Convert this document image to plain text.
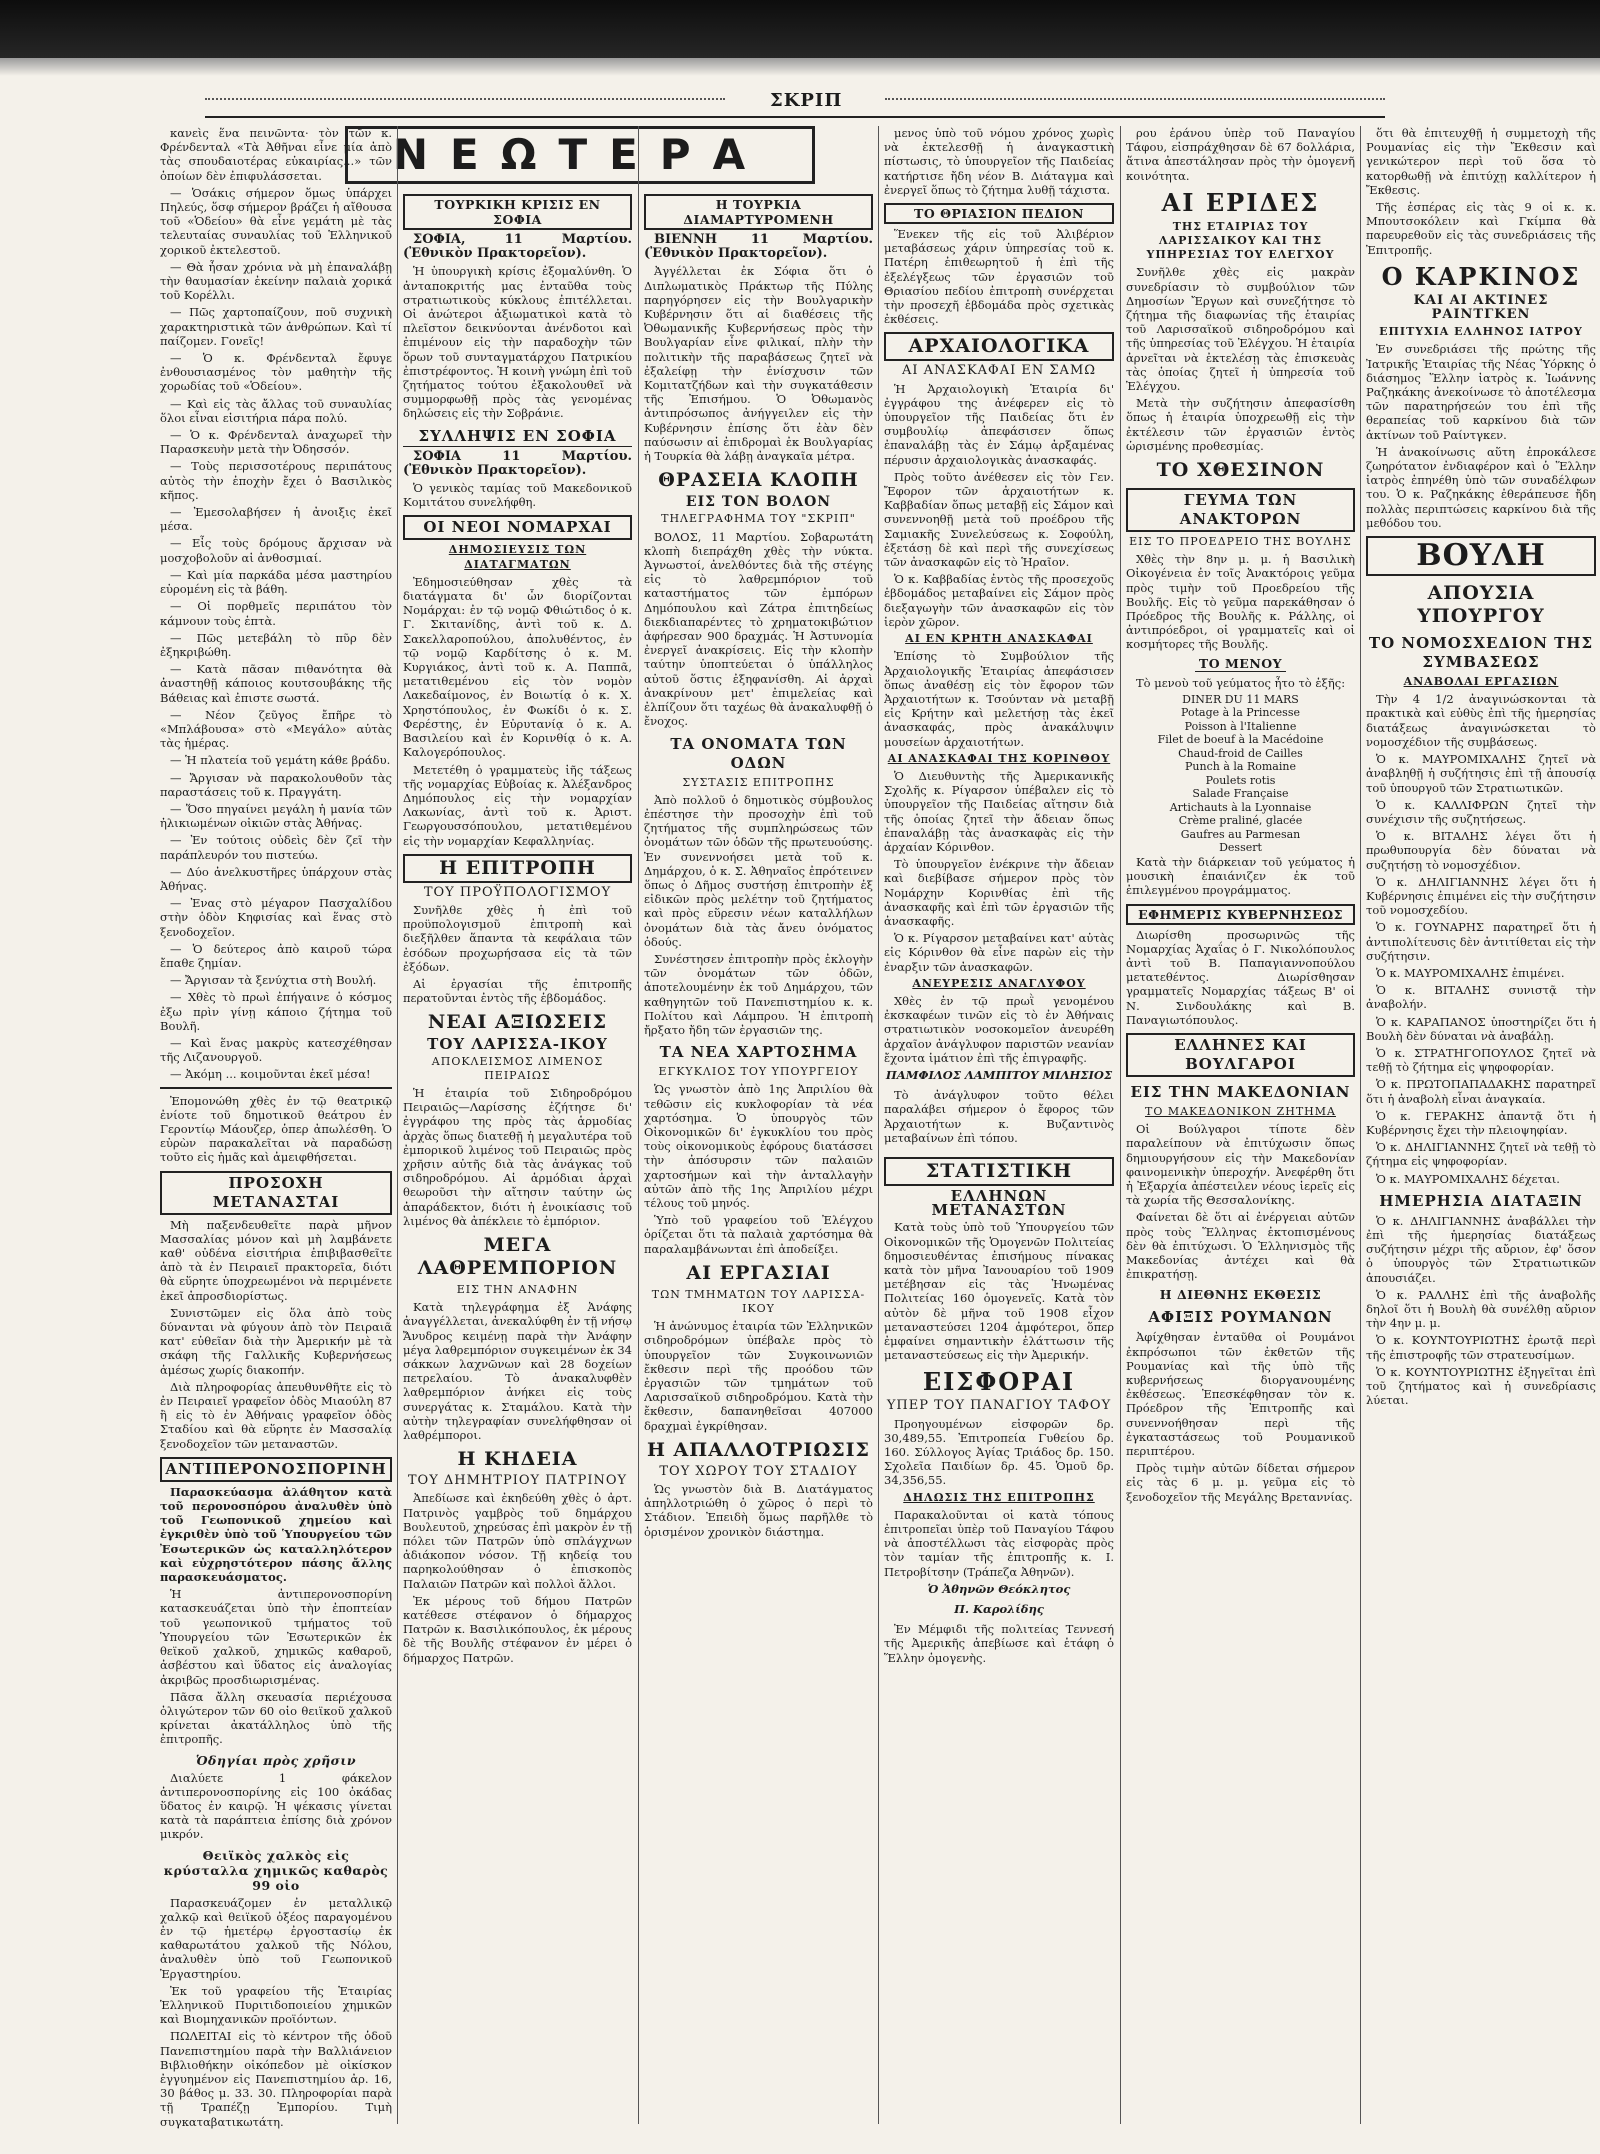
ΣΚΡΙΠ
ΝΕΩΤΕΡΑ

κανεὶς ἕνα πεινῶντα· τὸν τῶν κ. Φρένδενταλ «Τὰ Ἀθῆναι εἶνε μία ἀπὸ τὰς σπουδαιοτέρας εὐκαιρίας...» τῶν ὁποίων δὲν ἐπιφυλάσσεται.

— Ὁσάκις σήμερον ὅμως ὑπάρχει Πηλεύς, ὅσφ σήμερον βράζει ἡ αἴθουσα τοῦ «Ὁδείου» θὰ εἶνε γεμάτη μὲ τὰς τελευταίας συναυλίας τοῦ Ἑλληνικοῦ χορικοῦ ἐκτελεστοῦ.

— Θὰ ἦσαν χρόνια νὰ μὴ ἐπαναλάβῃ τὴν θαυμασίαν ἐκείνην παλαιὰ χορικά τοῦ Κορέλλι.

— Πῶς χαρτοπαίζουν, ποῦ συχνικὴ χαρακτηριστικὰ τῶν ἀνθρώπων. Καὶ τί παίζομεν. Γονεῖς!

— Ὁ κ. Φρένδενταλ ἔφυγε ἐνθουσιασμένος τὸν μαθητὴν τῆς χορωδίας τοῦ «Ὁδείου».

— Καὶ εἰς τὰς ἄλλας τοῦ συναυλίας ὅλοι εἶναι εἰσιτήρια πάρα πολύ.

— Ὁ κ. Φρένδενταλ ἀναχωρεῖ τὴν Παρασκευὴν μετὰ τὴν Ὀδησσόν.

— Τοὺς περισσοτέρους περιπάτους αὐτὸς τὴν ἐποχὴν ἔχει ὁ Βασιλικὸς κῆπος.

— Ἐμεσολαβήσεν ἡ ἀνοιξις ἐκεῖ μέσα.

— Εἶς τοὺς δρόμους ἄρχισαν νὰ μοσχοβολοῦν αἱ ἀνθοσμιαί.

— Καὶ μία παρκάδα μέσα μαστηρίου εὑρομένη εἰς τὰ βάθη.

— Οἱ πορθμεῖς περιπάτου τὸν κάμνουν τοὺς ἑπτὰ.

— Πῶς μετεβάλη τὸ πῦρ δὲν ἐξηκριβώθη.

— Κατὰ πᾶσαν πιθανότητα θὰ ἀναστηθῇ κάποιος κουτσουβάκης τῆς Βάθειας καὶ ἐπιστε σωστά.

— Νέον ζεῦγος ἔπῆρε τὸ «Μπλάβουσα» στὸ «Μεγάλο» αὐτὰς τὰς ἡμέρας.

— Ἡ πλατεία τοῦ γεμάτη κάθε βράδυ.

— Ἄργισαν νὰ παρακολουθοῦν τὰς παραστάσεις τοῦ κ. Πραγγάτη.

— Ὅσο πηγαίνει μεγάλη ἡ μανία τῶν ἠλικιωμένων οἰκιῶν στὰς Ἀθήνας.

— Ἐν τούτοις οὐδεὶς δὲν ζεῖ τὴν παράπλευρόν του πιστεύω.

— Δύο ἀνελκυστῆρες ὑπάρχουν στὰς Ἀθήνας.

— Ἐνας στὸ μέγαρον Πασχαλίδου στὴν ὁδὸν Κηφισίας καὶ ἕνας στὸ ξενοδοχεῖον.

— Ὁ δεύτερος ἀπὸ καιροῦ τώρα ἔπαθε ζημίαν.

— Ἄργισαν τὰ ξενύχτια στὴ Βουλή.

— Χθὲς τὸ πρωὶ ἐπήγαινε ὁ κόσμος ἐξω πρὶν γίνῃ κάποιο ζήτημα τοῦ Βουλῆ.

— Καὶ ἕνας μακρὺς κατεσχέθησαν τῆς Λιζανουργοῦ.

— Ἀκόμη ... κοιμοῦνται ἐκεῖ μέσα!

Ἐπομονώθη χθὲς ἐν τῷ θεατρικῷ ἐνίοτε τοῦ δημοτικοῦ θεάτρου ἐν Γεροντίῳ Μάουζερ, ὁπερ ἀπωλέσθη. Ὁ εὑρὼν παρακαλεῖται νὰ παραδώσῃ τοῦτο εἰς ἡμᾶς καὶ ἀμειφθήσεται.

ΠΡΟΣΟΧΗ ΜΕΤΑΝΑΣΤΑΙ

Μὴ παξενδευθεῖτε παρὰ μῆνον Μασσαλίας μόνον καὶ μὴ λαμβάνετε καθ' οὐδένα εἰσιτήρια ἐπιβιβασθεῖτε ἀπὸ τὰ ἐν Πειραιεῖ πρακτορεῖα, διότι θὰ εὕρητε ὑποχρεωμένοι νὰ περιμένετε ἐκεῖ ἀπροσδιορίστως.

Συνιστῶμεν εἰς ὅλα ἀπὸ τοὺς δύνανται νὰ φύγουν ἀπὸ τὸν Πειραιᾶ κατ' εὐθεῖαν διὰ τὴν Ἀμερικήν μὲ τὰ σκάφη τῆς Γαλλικῆς Κυβερνήσεως ἀμέσως χωρίς διακοπήν.

Διὰ πληροφορίας ἀπευθυνθῆτε εἰς τὸ ἐν Πειραιεῖ γραφεῖον ὁδὸς Μιαούλη 87 ἢ εἰς τὸ ἐν Ἀθήναις γραφεῖον ὁδὸς Σταδίου καὶ θὰ εὕρητε ἐν Μασσαλίᾳ ξενοδοχεῖον τῶν μεταναστῶν.

ΑΝΤΙΠΕΡΟΝΟΣΠΟΡΙΝΗ

Παρασκεύασμα ἀλάθητον κατὰ τοῦ περονοσπόρου ἀναλυθὲν ὑπὸ τοῦ Γεωπονικοῦ χημείου καὶ ἐγκριθὲν ὑπὸ τοῦ Ὑπουργείου τῶν Ἐσωτερικῶν ὡς καταλληλότερον καὶ εὐχρηστότερον πάσης ἄλλης παρασκευάσματος.

Ἡ ἀντιπερονοσπορίνη κατασκευάζεται ὑπὸ τὴν ἐποπτείαν τοῦ γεωπονικοῦ τμήματος τοῦ Ὑπουργείου τῶν Ἐσωτερικῶν ἐκ θεϊκοῦ χαλκοῦ, χημικῶς καθαροῦ, ἀσβέστου καὶ ὕδατος εἰς ἀναλογίας ἀκριβῶς προσδιωρισμένας.

Πᾶσα ἄλλη σκευασία περιέχουσα ὀλιγώτερον τῶν 60 οἰο θειϊκοῦ χαλκοῦ κρίνεται ἀκατάλληλος ὑπὸ τῆς ἐπιτροπῆς.

Ὁδηγίαι πρὸς χρῆσιν

Διαλύετε 1 φάκελον ἀντιπερονοσπορίνης εἰς 100 ὀκάδας ὕδατος ἐν καιρῷ. Ἡ ψέκασις γίνεται κατὰ τὰ παράπτεια ἐπίσης διὰ χρόνον μικρόν.

Θειϊκὸς χαλκὸς εἰς κρύσταλλα χημικῶς καθαρὸς 99 οἰο

Παρασκευάζομεν ἐν μεταλλικῷ χαλκῷ καὶ θειϊκοῦ ὀξέος παραγομένου ἐν τῷ ἡμετέρῳ ἐργοστασίῳ ἐκ καθαρωτάτου χαλκοῦ τῆς Νόλου, ἀναλυθὲν ὑπὸ τοῦ Γεωπονικοῦ Ἐργαστηρίου.

Ἐκ τοῦ γραφείου τῆς Ἑταιρίας Ἑλληνικοῦ Πυριτιδοποιείου χημικῶν καὶ Βιομηχανικῶν προϊόντων.

ΠΩΛΕΙΤΑΙ εἰς τὸ κέντρον τῆς ὁδοῦ Πανεπιστημίου παρὰ τὴν Βαλλιάνειον Βιβλιοθήκην οἰκόπεδον μὲ οἰκίσκον ἐγγυημένον εἰς Πανεπιστημίου ἀρ. 16, 30 βάθος μ. 33. 30. Πληροφορίαι παρὰ τῇ Τραπέζῃ Ἐμπορίου. Τιμὴ συγκαταβατικωτάτη.

ΤΟΥΡΚΙΚΗ ΚΡΙΣΙΣ ΕΝ ΣΟΦΙΑ

ΣΟΦΙΑ, 11 Μαρτίου. (Ἐθνικὸν Πρακτορεῖον).

Ἡ ὑπουργικὴ κρίσις ἐξομαλύνθη. Ὁ ἀνταποκριτής μας ἐνταῦθα τοὺς στρατιωτικοὺς κύκλους ἐπιτέλλεται. Οἱ ἀνώτεροι ἀξιωματικοὶ κατὰ τὸ πλεῖστον δεικνύονται ἀνένδοτοι καὶ ἐπιμένουν εἰς τὴν παραδοχὴν τῶν ὅρων τοῦ συνταγματάρχου Πατρικίου ἐπιστρέφοντος. Ἡ κοινὴ γνώμη ἐπὶ τοῦ ζητήματος τούτου ἐξακολουθεῖ νὰ συμμορφωθῇ πρὸς τὰς γενομένας δηλώσεις εἰς τὴν Σοβράνιε.

ΣΥΛΛΗΨΙΣ ΕΝ ΣΟΦΙΑ

ΣΟΦΙΑ 11 Μαρτίου. (Ἐθνικὸν Πρακτορεῖον).

Ὁ γενικὸς ταμίας τοῦ Μακεδονικοῦ Κομιτάτου συνελήφθη.

ΟΙ ΝΕΟΙ ΝΟΜΑΡΧΑΙ
ΔΗΜΟΣΙΕΥΣΙΣ ΤΩΝ ΔΙΑΤΑΓΜΑΤΩΝ

Ἐδημοσιεύθησαν χθὲς τὰ διατάγματα δι' ὧν διορίζονται Νομάρχαι: ἐν τῷ νομῷ Φθιώτιδος ὁ κ. Γ. Σκιτανίδης, ἀντὶ τοῦ κ. Δ. Σακελλαροπούλου, ἀπολυθέντος, ἐν τῷ νομῷ Καρδίτσης ὁ κ. Μ. Κυργιάκος, ἀντὶ τοῦ κ. Α. Παππᾶ, μετατιθεμένου εἰς τὸν νομὸν Λακεδαίμονος, ἐν Βοιωτίᾳ ὁ κ. Χ. Χρηστόπουλος, ἐν Φωκίδι ὁ κ. Σ. Φερέστης, ἐν Εὐρυτανίᾳ ὁ κ. Α. Βασιλείου καὶ ἐν Κορινθίᾳ ὁ κ. Α. Καλογερόπουλος.

Μετετέθη ὁ γραμματεὺς ἰῆς τάξεως τῆς νομαρχίας Εὐβοίας κ. Ἀλέξανδρος Δημόπουλος εἰς τὴν νομαρχίαν Λακωνίας, ἀντὶ τοῦ κ. Ἀριστ. Γεωργουσσόπουλου, μετατιθεμένου εἰς τὴν νομαρχίαν Κεφαλληνίας.

Η ΕΠΙΤΡΟΠΗ
ΤΟΥ ΠΡΟΫΠΟΛΟΓΙΣΜΟΥ

Συνῆλθε χθὲς ἡ ἐπὶ τοῦ προϋπολογισμοῦ ἐπιτροπὴ καὶ διεξῆλθεν ἅπαντα τὰ κεφάλαια τῶν ἐσόδων προχωρήσασα εἰς τὰ τῶν ἐξόδων.

Αἱ ἐργασίαι τῆς ἐπιτροπῆς περατοῦνται ἐντὸς τῆς ἑβδομάδος.

ΝΕΑΙ ΑΞΙΩΣΕΙΣ
ΤΟΥ ΛΑΡΙΣΣΑ-ΙΚΟΥ
ΑΠΟΚΛΕΙΣΜΟΣ ΛΙΜΕΝΟΣ ΠΕΙΡΑΙΩΣ

Ἡ ἑταιρία τοῦ Σιδηροδρόμου Πειραιῶς—Λαρίσσης ἐζήτησε δι' ἐγγράφου της πρὸς τὰς ἁρμοδίας ἀρχὰς ὅπως διατεθῇ ἡ μεγαλυτέρα τοῦ ἐμπορικοῦ λιμένος τοῦ Πειραιῶς πρὸς χρῆσιν αὐτῆς διὰ τὰς ἀνάγκας τοῦ σιδηροδρόμου. Αἱ ἁρμόδιαι ἀρχαὶ θεωροῦσι τὴν αἴτησιν ταύτην ὡς ἀπαράδεκτον, διότι ἡ ἐνοικίασις τοῦ λιμένος θὰ ἀπέκλειε τὸ ἐμπόριον.

ΜΕΓΑ ΛΑΘΡΕΜΠΟΡΙΟΝ
ΕΙΣ ΤΗΝ ΑΝΑΦΗΝ

Κατὰ τηλεγράφημα ἐξ Ἀνάφης ἀναγγέλλεται, ἀνεκαλύφθη ἐν τῇ νήσῳ Ἄνυδρος κειμένῃ παρὰ τὴν Ἀνάφην μέγα λαθρεμπόριον συγκειμένων ἐκ 34 σάκκων λαχνῶνων καὶ 28 δοχείων πετρελαίου. Τὸ ἀνακαλυφθὲν λαθρεμπόριον ἀνήκει εἰς τοὺς συνεργάτας κ. Σταμάλου. Κατὰ τὴν αὐτὴν τηλεγραφίαν συνελήφθησαν οἱ λαθρέμποροι.

Η ΚΗΔΕΙΑ
ΤΟΥ ΔΗΜΗΤΡΙΟΥ ΠΑΤΡΙΝΟΥ

Ἀπεδίωσε καὶ ἐκηδεύθη χθὲς ὁ ἀρτ. Πατρινὸς γαμβρὸς τοῦ δημάρχου Βουλευτοῦ, χηρεύσας ἐπὶ μακρὸν ἐν τῇ πόλει τῶν Πατρῶν ὑπὸ σπλάγχνων ἀδιάκοπον νόσον. Τῇ κηδείᾳ του παρηκολούθησαν ὁ ἐπισκοπὸς Παλαιῶν Πατρῶν καὶ πολλοὶ ἄλλοι.

Ἐκ μέρους τοῦ δήμου Πατρῶν κατέθεσε στέφανον ὁ δήμαρχος Πατρῶν κ. Βασιλικόπουλος, ἐκ μέρους δὲ τῆς Βουλῆς στέφανον ἐν μέρει ὁ δήμαρχος Πατρῶν.

Η ΤΟΥΡΚΙΑ ΔΙΑΜΑΡΤΥΡΟΜΕΝΗ

ΒΙΕΝΝΗ 11 Μαρτίου. (Ἐθνικὸν Πρακτορεῖον).

Ἀγγέλλεται ἐκ Σόφια ὅτι ὁ Διπλωματικὸς Πράκτωρ τῆς Πύλης παρηγόρησεν εἰς τὴν Βουλγαρικὴν Κυβέρνησιν ὅτι αἱ διαθέσεις τῆς Ὀθωμανικῆς Κυβερνήσεως πρὸς τὴν Βουλγαρίαν εἶνε φιλικαί, πλὴν τὴν πολιτικὴν τῆς παραβάσεως ζητεῖ νὰ ἐξαλείφῃ τὴν ἐνίσχυσιν τῶν Κομιτατζήδων καὶ τὴν συγκατάθεσιν τῆς Ἐπισήμου. Ὁ Ὀθωμανὸς ἀντιπρόσωπος ἀνήγγειλεν εἰς τὴν Κυβέρνησιν ἐπίσης ὅτι ἐὰν δὲν παύσωσιν αἱ ἐπιδρομαὶ ἐκ Βουλγαρίας ἡ Τουρκία θὰ λάβῃ ἀναγκαῖα μέτρα.

ΘΡΑΣΕΙΑ ΚΛΟΠΗ
ΕΙΣ ΤΟΝ ΒΟΛΟΝ
ΤΗΛΕΓΡΑΦΗΜΑ ΤΟΥ "ΣΚΡΙΠ"

ΒΟΛΟΣ, 11 Μαρτίου. Σοβαρωτάτη κλοπὴ διεπράχθη χθὲς τὴν νύκτα. Ἀγνωστοί, ἀνελθόντες διὰ τῆς στέγης εἰς τὸ λαθρεμπόριον τοῦ καταστήματος τῶν ἐμπόρων Δημόπουλου καὶ Ζάτρα ἐπιτηδείως διεκδιαπαρέντες τὸ χρηματοκιβώτιον ἀφήρεσαν 900 δραχμάς. Ἡ Ἀστυνομία ἐνεργεῖ ἀνακρίσεις. Εἰς τὴν κλοπὴν ταύτην ὑποπτεύεται ὁ ὑπάλληλος αὐτοῦ ὅστις ἐξηφανίσθη. Αἱ ἀρχαὶ ἀνακρίνουν μετ' ἐπιμελείας καὶ ἐλπίζουν ὅτι ταχέως θὰ ἀνακαλυφθῇ ὁ ἔνοχος.

ΤΑ ΟΝΟΜΑΤΑ ΤΩΝ ΟΔΩΝ
ΣΥΣΤΑΣΙΣ ΕΠΙΤΡΟΠΗΣ

Ἀπὸ πολλοῦ ὁ δημοτικὸς σύμβουλος ἐπέστησε τὴν προσοχὴν ἐπὶ τοῦ ζητήματος τῆς συμπληρώσεως τῶν ὀνομάτων τῶν ὁδῶν τῆς πρωτευούσης. Ἐν συνεννοήσει μετὰ τοῦ κ. Δημάρχου, ὁ κ. Σ. Ἀθηναῖος ἐπρότεινεν ὅπως ὁ Δῆμος συστήσῃ ἐπιτροπὴν ἐξ εἰδικῶν πρὸς μελέτην τοῦ ζητήματος καὶ πρὸς εὕρεσιν νέων καταλλήλων ὀνομάτων διὰ τὰς ἄνευ ὀνόματος ὁδούς.

Συνέστησεν ἐπιτροπὴν πρὸς ἐκλογὴν τῶν ὀνομάτων τῶν ὁδῶν, ἀποτελουμένην ἐκ τοῦ Δημάρχου, τῶν καθηγητῶν τοῦ Πανεπιστημίου κ. κ. Πολίτου καὶ Λάμπρου. Ἡ ἐπιτροπὴ ἤρξατο ἤδη τῶν ἐργασιῶν της.

ΤΑ ΝΕΑ ΧΑΡΤΟΣΗΜΑ
ΕΓΚΥΚΛΙΟΣ ΤΟΥ ΥΠΟΥΡΓΕΙΟΥ

Ὡς γνωστὸν ἀπὸ 1ης Ἀπριλίου θὰ τεθῶσιν εἰς κυκλοφορίαν τὰ νέα χαρτόσημα. Ὁ ὑπουργὸς τῶν Οἰκονομικῶν δι' ἐγκυκλίου του πρὸς τοὺς οἰκονομικοὺς ἐφόρους διατάσσει τὴν ἀπόσυρσιν τῶν παλαιῶν χαρτοσήμων καὶ τὴν ἀνταλλαγὴν αὐτῶν ἀπὸ τῆς 1ης Ἀπριλίου μέχρι τέλους τοῦ μηνός.

Ὑπὸ τοῦ γραφείου τοῦ Ἐλέγχου ὁρίζεται ὅτι τὰ παλαιὰ χαρτόσημα θὰ παραλαμβάνωνται ἐπὶ ἀποδείξει.

ΑΙ ΕΡΓΑΣΙΑΙ
ΤΩΝ ΤΜΗΜΑΤΩΝ ΤΟΥ ΛΑΡΙΣΣΑ-ΙΚΟΥ

Ἡ ἀνώνυμος ἑταιρία τῶν Ἑλληνικῶν σιδηροδρόμων ὑπέβαλε πρὸς τὸ ὑπουργεῖον τῶν Συγκοινωνιῶν ἔκθεσιν περὶ τῆς προόδου τῶν ἐργασιῶν τῶν τμημάτων τοῦ Λαρισσαϊκοῦ σιδηροδρόμου. Κατὰ τὴν ἔκθεσιν, δαπανηθεῖσαι 407000 δραχμαὶ ἐγκρίθησαν.

Η ΑΠΑΛΛΟΤΡΙΩΣΙΣ
ΤΟΥ ΧΩΡΟΥ ΤΟΥ ΣΤΑΔΙΟΥ

Ὡς γνωστὸν διὰ Β. Διατάγματος ἀπηλλοτριώθη ὁ χῶρος ὁ περὶ τὸ Στάδιον. Ἐπειδὴ ὅμως παρῆλθε τὸ ὁρισμένον χρονικὸν διάστημα.

μενος ὑπὸ τοῦ νόμου χρόνος χωρὶς νὰ ἐκτελεσθῇ ἡ ἀναγκαστικὴ πίστωσις, τὸ ὑπουργεῖον τῆς Παιδείας κατήρτισε ἤδη νέον Β. Διάταγμα καὶ ἐνεργεῖ ὅπως τὸ ζήτημα λυθῇ τάχιστα.

ΤΟ ΘΡΙΑΣΙΟΝ ΠΕΔΙΟΝ

Ἕνεκεν τῆς εἰς τοῦ Ἀλιβέριον μεταβάσεως χάριν ὑπηρεσίας τοῦ κ. Πατέρη ἐπιθεωρητοῦ ἡ ἐπὶ τῆς ἐξελέγξεως τῶν ἐργασιῶν τοῦ Θριασίου πεδίου ἐπιτροπὴ συνέρχεται τὴν προσεχῆ ἑβδομάδα πρὸς σχετικὰς ἐκθέσεις.

ΑΡΧΑΙΟΛΟΓΙΚΑ
ΑΙ ΑΝΑΣΚΑΦΑΙ ΕΝ ΣΑΜΩ

Ἡ Ἀρχαιολογικὴ Ἑταιρία δι' ἐγγράφου της ἀνέφερεν εἰς τὸ ὑπουργεῖον τῆς Παιδείας ὅτι ἐν συμβουλίῳ ἀπεφάσισεν ὅπως ἐπαναλάβῃ τὰς ἐν Σάμῳ ἀρξαμένας πέρυσιν ἀρχαιολογικὰς ἀνασκαφάς.

Πρὸς τοῦτο ἀνέθεσεν εἰς τὸν Γεν. Ἔφορον τῶν ἀρχαιοτήτων κ. Καββαδίαν ὅπως μεταβῇ εἰς Σάμον καὶ συνεννοηθῇ μετὰ τοῦ προέδρου τῆς Σαμιακῆς Συνελεύσεως κ. Σοφούλη, ἐξετάσῃ δὲ καὶ περὶ τῆς συνεχίσεως τῶν ἀνασκαφῶν εἰς τὸ Ἡραῖον.

Ὁ κ. Καββαδίας ἐντὸς τῆς προσεχοῦς ἑβδομάδος μεταβαίνει εἰς Σάμον πρὸς διεξαγωγὴν τῶν ἀνασκαφῶν εἰς τὸν ἱερὸν χῶρον.

ΑΙ ΕΝ ΚΡΗΤΗ ΑΝΑΣΚΑΦΑΙ

Ἐπίσης τὸ Συμβούλιον τῆς Ἀρχαιολογικῆς Ἑταιρίας ἀπεφάσισεν ὅπως ἀναθέσῃ εἰς τὸν ἔφορον τῶν Ἀρχαιοτήτων κ. Τσούνταν νὰ μεταβῇ εἰς Κρήτην καὶ μελετήσῃ τὰς ἐκεῖ ἀνασκαφάς, πρὸς ἀνακάλυψιν μουσείων ἀρχαιοτήτων.

ΑΙ ΑΝΑΣΚΑΦΑΙ ΤΗΣ ΚΟΡΙΝΘΟΥ

Ὁ Διευθυντὴς τῆς Ἀμερικανικῆς Σχολῆς κ. Ρίγαρσον ὑπέβαλεν εἰς τὸ ὑπουργεῖον τῆς Παιδείας αἴτησιν διὰ τῆς ὁποίας ζητεῖ τὴν ἄδειαν ὅπως ἐπαναλάβῃ τὰς ἀνασκαφὰς εἰς τὴν ἀρχαίαν Κόρινθον.

Τὸ ὑπουργεῖον ἐνέκρινε τὴν ἄδειαν καὶ διεβίβασε σήμερον πρὸς τὸν Νομάρχην Κορινθίας ἐπὶ τῆς ἀνασκαφῆς καὶ ἐπὶ τῶν ἐργασιῶν τῆς ἀνασκαφῆς.

Ὁ κ. Ρίγαρσον μεταβαίνει κατ' αὐτὰς εἰς Κόρινθον θὰ εἶνε παρὼν εἰς τὴν ἐναρξιν τῶν ἀνασκαφῶν.

ΑΝΕΥΡΕΣΙΣ ΑΝΑΓΛΥΦΟΥ

Χθὲς ἐν τῷ πρωῒ γενομένου ἐκσκαφέων τινῶν εἰς τὸ ἐν Ἀθήναις στρατιωτικὸν νοσοκομεῖον ἀνευρέθη ἀρχαῖον ἀνάγλυφον παριστῶν νεανίαν ἔχοντα ἱμάτιον ἐπὶ τῆς ἐπιγραφῆς.

ΠΑΜΦΙΛΟΣ ΛΑΜΠΙΤΟΥ ΜΙΛΗΣΙΟΣ

Τὸ ἀνάγλυφον τοῦτο θέλει παραλάβει σήμερον ὁ ἔφορος τῶν Ἀρχαιοτήτων κ. Βυζαντινὸς μεταβαίνων ἐπὶ τόπου.

ΣΤΑΤΙΣΤΙΚΗ
ΕΛΛΗΝΩΝ ΜΕΤΑΝΑΣΤΩΝ

Κατὰ τοὺς ὑπὸ τοῦ Ὑπουργείου τῶν Οἰκονομικῶν τῆς Ὁμογενῶν Πολιτείας δημοσιευθέντας ἐπισήμους πίνακας κατὰ τὸν μῆνα Ἰανουαρίου τοῦ 1909 μετέβησαν εἰς τὰς Ἡνωμένας Πολιτείας 160 ὁμογενεῖς. Κατὰ τὸν αὐτὸν δὲ μῆνα τοῦ 1908 εἶχον μεταναστεύσει 1204 ἀμφότεροι, ὅπερ ἐμφαίνει σημαντικὴν ἐλάττωσιν τῆς μεταναστεύσεως εἰς τὴν Ἀμερικήν.

ΕΙΣΦΟΡΑΙ
ΥΠΕΡ ΤΟΥ ΠΑΝΑΓΙΟΥ ΤΑΦΟΥ

Προηγουμένων εἰσφορῶν δρ. 30,489,55. Ἐπιτροπεία Γυθείου δρ. 160. Σύλλογος Ἀγίας Τριάδος δρ. 150. Σχολεῖα Παιδίων δρ. 45. Ὁμοῦ δρ. 34,356,55.

ΔΗΛΩΣΙΣ ΤΗΣ ΕΠΙΤΡΟΠΗΣ

Παρακαλοῦνται οἱ κατὰ τόπους ἐπιτροπεῖαι ὑπὲρ τοῦ Παναγίου Τάφου νὰ ἀποστέλλωσι τὰς εἰσφορὰς πρὸς τὸν ταμίαν τῆς ἐπιτροπῆς κ. Ι. Πετροβίτσην (Τράπεζα Ἀθηνῶν).

Ὁ Ἀθηνῶν Θεόκλητος
Π. Καρολίδης

Ἐν Μέμφιδι τῆς πολιτείας Τεννεσή τῆς Ἀμερικῆς ἀπεβίωσε καὶ ἑτάφη ὁ Ἕλλην ὁμογενὴς.

ρου ἐράνου ὑπὲρ τοῦ Παναγίου Τάφου, εἰσπράχθησαν δὲ 67 δολλάρια, ἅτινα ἀπεστάλησαν πρὸς τὴν ὁμογενῆ κοινότητα.

ΑΙ ΕΡΙΔΕΣ
ΤΗΣ ΕΤΑΙΡΙΑΣ ΤΟΥ ΛΑΡΙΣΣΑΙΚΟΥ ΚΑΙ ΤΗΣ ΥΠΗΡΕΣΙΑΣ ΤΟΥ ΕΛΕΓΧΟΥ

Συνῆλθε χθὲς εἰς μακρὰν συνεδρίασιν τὸ συμβούλιον τῶν Δημοσίων Ἔργων καὶ συνεζήτησε τὸ ζήτημα τῆς διαφωνίας τῆς ἑταιρίας τοῦ Λαρισσαϊκοῦ σιδηροδρόμου καὶ τῆς ὑπηρεσίας τοῦ Ἐλέγχου. Ἡ ἑταιρία ἀρνεῖται νὰ ἐκτελέσῃ τὰς ἐπισκευὰς τὰς ὁποίας ζητεῖ ἡ ὑπηρεσία τοῦ Ἐλέγχου.

Μετὰ τὴν συζήτησιν ἀπεφασίσθη ὅπως ἡ ἑταιρία ὑποχρεωθῇ εἰς τὴν ἐκτέλεσιν τῶν ἐργασιῶν ἐντὸς ὡρισμένης προθεσμίας.

ΤΟ ΧΘΕΣΙΝΟΝ
ΓΕΥΜΑ ΤΩΝ ΑΝΑΚΤΟΡΩΝ
ΕΙΣ ΤΟ ΠΡΟΕΔΡΕΙΟ ΤΗΣ ΒΟΥΛΗΣ

Χθὲς τὴν 8ην μ. μ. ἡ Βασιλικὴ Οἰκογένεια ἐν τοῖς Ἀνακτόροις γεῦμα πρὸς τιμὴν τοῦ Προεδρείου τῆς Βουλῆς. Εἰς τὸ γεῦμα παρεκάθησαν ὁ Πρόεδρος τῆς Βουλῆς κ. Ράλλης, οἱ ἀντιπρόεδροι, οἱ γραμματεῖς καὶ οἱ κοσμήτορες τῆς Βουλῆς.

ΤΟ ΜΕΝΟΥ

Τὸ μενοὺ τοῦ γεύματος ἦτο τὸ ἑξῆς:

DINER DU 11 MARS
Potage à la Princesse
Poisson à l'Italienne
Filet de boeuf à la Macédoine
Chaud-froid de Cailles
Punch à la Romaine
Poulets rotis
Salade Française
Artichauts à la Lyonnaise
Crème praliné, glacée
Gaufres au Parmesan
Dessert

Κατὰ τὴν διάρκειαν τοῦ γεύματος ἡ μουσικὴ ἐπαιάνιζεν ἐκ τοῦ ἐπιλεγμένου προγράμματος.

ΕΦΗΜΕΡΙΣ ΚΥΒΕΡΝΗΣΕΩΣ

Διωρίσθη προσωρινῶς τῆς Νομαρχίας Ἀχαΐας ὁ Γ. Νικολόπουλος ἀντὶ τοῦ Β. Παπαγιαννοπούλου μετατεθέντος. Διωρίσθησαν γραμματεῖς Νομαρχίας τάξεως Β' οἱ Ν. Σινδουλάκης καὶ Β. Παναγιωτόπουλος.

ΕΛΛΗΝΕΣ ΚΑΙ ΒΟΥΛΓΑΡΟΙ
ΕΙΣ ΤΗΝ ΜΑΚΕΔΟΝΙΑΝ
ΤΟ ΜΑΚΕΔΟΝΙΚΟΝ ΖΗΤΗΜΑ

Οἱ Βούλγαροι τίποτε δὲν παραλείπουν νὰ ἐπιτύχωσιν ὅπως δημιουργήσουν εἰς τὴν Μακεδονίαν φαινομενικὴν ὑπεροχήν. Ἀνεφέρθη ὅτι ἡ Ἐξαρχία ἀπέστειλεν νέους ἱερεῖς εἰς τὰ χωρία τῆς Θεσσαλονίκης.

Φαίνεται δὲ ὅτι αἱ ἐνέργειαι αὐτῶν πρὸς τοὺς Ἕλληνας ἐκτοπισμένους δὲν θὰ ἐπιτύχωσι. Ὁ Ἑλληνισμὸς τῆς Μακεδονίας ἀντέχει καὶ θὰ ἐπικρατήσῃ.

Η ΔΙΕΘΝΗΣ ΕΚΘΕΣΙΣ
ΑΦΙΞΙΣ ΡΟΥΜΑΝΩΝ

Ἀφίχθησαν ἐνταῦθα οἱ Ρουμάνοι ἐκπρόσωποι τῶν ἐκθετῶν τῆς Ρουμανίας καὶ τῆς ὑπὸ τῆς κυβερνήσεως διοργανουμένης ἐκθέσεως. Ἐπεσκέφθησαν τὸν κ. Πρόεδρον τῆς Ἐπιτροπῆς καὶ συνεννοήθησαν περὶ τῆς ἐγκαταστάσεως τοῦ Ρουμανικοῦ περιπτέρου.

Πρὸς τιμὴν αὐτῶν δίδεται σήμερον εἰς τὰς 6 μ. μ. γεῦμα εἰς τὸ ξενοδοχεῖον τῆς Μεγάλης Βρεταννίας.

ὅτι θὰ ἐπιτευχθῇ ἡ συμμετοχὴ τῆς Ρουμανίας εἰς τὴν Ἔκθεσιν καὶ γενικώτερον περὶ τοῦ ὅσα τὸ κατορθωθῇ νὰ ἐπιτύχῃ καλλίτερον ἡ Ἔκθεσις.

Τῆς ἐσπέρας εἰς τὰς 9 οἱ κ. κ. Μπουτσοκόλειν καὶ Γκίμπα θὰ παρευρεθοῦν εἰς τὰς συνεδριάσεις τῆς Ἐπιτροπῆς.

Ο ΚΑΡΚΙΝΟΣ
ΚΑΙ ΑΙ ΑΚΤΙΝΕΣ ΡΑΙΝΤΓΚΕΝ
ΕΠΙΤΥΧΙΑ ΕΛΛΗΝΟΣ ΙΑΤΡΟΥ

Ἐν συνεδριάσει τῆς πρώτης τῆς Ἰατρικῆς Ἑταιρίας τῆς Νέας Ὑόρκης ὁ διάσημος Ἕλλην ἰατρὸς κ. Ἰωάννης Ραζηκάκης ἀνεκοίνωσε τὸ ἀποτέλεσμα τῶν παρατηρήσεών του ἐπὶ τῆς θεραπείας τοῦ καρκίνου διὰ τῶν ἀκτίνων τοῦ Ραίντγκεν.

Ἡ ἀνακοίνωσις αὕτη ἐπροκάλεσε ζωηρότατον ἐνδιαφέρον καὶ ὁ Ἕλλην ἰατρὸς ἐπηνέθη ὑπὸ τῶν συναδέλφων του. Ὁ κ. Ραζηκάκης ἐθεράπευσε ἤδη πολλὰς περιπτώσεις καρκίνου διὰ τῆς μεθόδου του.

ΒΟΥΛΗ
ΑΠΟΥΣΙΑ ΥΠΟΥΡΓΟΥ
ΤΟ ΝΟΜΟΣΧΕΔΙΟΝ ΤΗΣ ΣΥΜΒΑΣΕΩΣ
ΑΝΑΒΟΛΑΙ ΕΡΓΑΣΙΩΝ

Τὴν 4 1/2 ἀναγινώσκονται τὰ πρακτικὰ καὶ εὐθὺς ἐπὶ τῆς ἡμερησίας διατάξεως ἀναγινώσκεται τὸ νομοσχέδιον τῆς συμβάσεως.

Ὁ κ. ΜΑΥΡΟΜΙΧΑΛΗΣ ζητεῖ νὰ ἀναβληθῇ ἡ συζήτησις ἐπὶ τῇ ἀπουσίᾳ τοῦ ὑπουργοῦ τῶν Στρατιωτικῶν.

Ὁ κ. ΚΑΛΛΙΦΡΩΝ ζητεῖ τὴν συνέχισιν τῆς συζητήσεως.

Ὁ κ. ΒΙΤΑΛΗΣ λέγει ὅτι ἡ πρωθυπουργία δὲν δύναται νὰ συζητήσῃ τὸ νομοσχέδιον.

Ὁ κ. ΔΗΛΙΓΙΑΝΝΗΣ λέγει ὅτι ἡ Κυβέρνησις ἐπιμένει εἰς τὴν συζήτησιν τοῦ νομοσχεδίου.

Ὁ κ. ΓΟΥΝΑΡΗΣ παρατηρεῖ ὅτι ἡ ἀντιπολίτευσις δὲν ἀντιτίθεται εἰς τὴν συζήτησιν.

Ὁ κ. ΜΑΥΡΟΜΙΧΑΛΗΣ ἐπιμένει.

Ὁ κ. ΒΙΤΑΛΗΣ συνιστᾷ τὴν ἀναβολήν.

Ὁ κ. ΚΑΡΑΠΑΝΟΣ ὑποστηρίζει ὅτι ἡ Βουλὴ δὲν δύναται νὰ ἀναβάλῃ.

Ὁ κ. ΣΤΡΑΤΗΓΟΠΟΥΛΟΣ ζητεῖ νὰ τεθῇ τὸ ζήτημα εἰς ψηφοφορίαν.

Ὁ κ. ΠΡΩΤΟΠΑΠΑΔΑΚΗΣ παρατηρεῖ ὅτι ἡ ἀναβολὴ εἶναι ἀναγκαία.

Ὁ κ. ΓΕΡΑΚΗΣ ἀπαντᾷ ὅτι ἡ Κυβέρνησις ἔχει τὴν πλειοψηφίαν.

Ὁ κ. ΔΗΛΙΓΙΑΝΝΗΣ ζητεῖ νὰ τεθῇ τὸ ζήτημα εἰς ψηφοφορίαν.

Ὁ κ. ΜΑΥΡΟΜΙΧΑΛΗΣ δέχεται.

ΗΜΕΡΗΣΙΑ ΔΙΑΤΑΞΙΝ

Ὁ κ. ΔΗΛΙΓΙΑΝΝΗΣ ἀναβάλλει τὴν ἐπὶ τῆς ἡμερησίας διατάξεως συζήτησιν μέχρι τῆς αὔριον, ἐφ' ὅσον ὁ ὑπουργὸς τῶν Στρατιωτικῶν ἀπουσιάζει.

Ὁ κ. ΡΑΛΛΗΣ ἐπὶ τῆς ἀναβολῆς δηλοῖ ὅτι ἡ Βουλὴ θὰ συνέλθῃ αὔριον τὴν 4ην μ. μ.

Ὁ κ. ΚΟΥΝΤΟΥΡΙΩΤΗΣ ἐρωτᾷ περὶ τῆς ἐπιστροφῆς τῶν στρατευσίμων.

Ὁ κ. ΚΟΥΝΤΟΥΡΙΩΤΗΣ ἐξηγεῖται ἐπὶ τοῦ ζητήματος καὶ ἡ συνεδρίασις λύεται.
